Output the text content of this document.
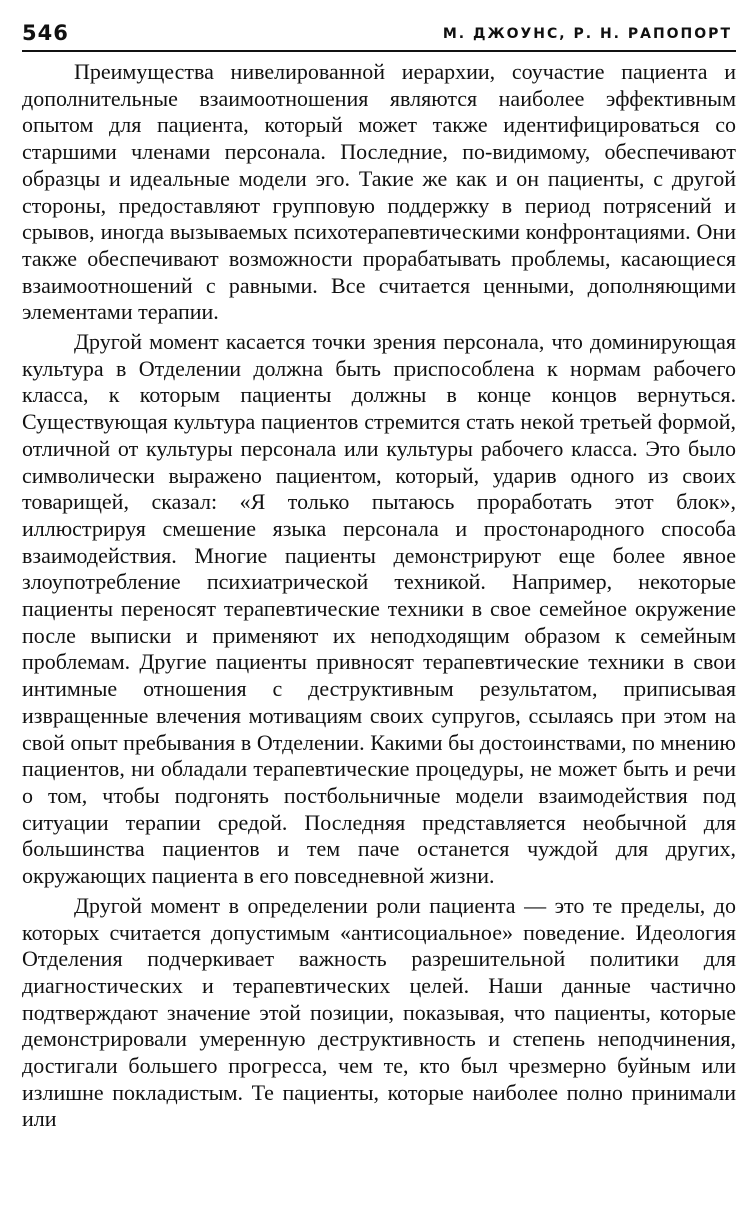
546	М. ДЖОУНС, Р. Н. РАПОПОРТ

Преимущества нивелированной иерархии, соучастие пациента и дополнительные взаимоотношения являются наиболее эффективным опытом для пациента, который может также идентифицироваться со старшими членами персонала. Последние, по-видимому, обеспечивают образцы и идеальные модели эго. Такие же как и он пациенты, с другой стороны, предоставляют групповую поддержку в период потрясений и срывов, иногда вызываемых психотерапевтическими конфронтациями. Они также обеспечивают возможности прорабатывать проблемы, касающиеся взаимоотношений с равными. Все считается ценными, дополняющими элементами терапии.

Другой момент касается точки зрения персонала, что доминирующая культура в Отделении должна быть приспособлена к нормам рабочего класса, к которым пациенты должны в конце концов вернуться. Существующая культура пациентов стремится стать некой третьей формой, отличной от культуры персонала или культуры рабочего класса. Это было символически выражено пациентом, который, ударив одного из своих товарищей, сказал: «Я только пытаюсь проработать этот блок», иллюстрируя смешение языка персонала и простонародного способа взаимодействия. Многие пациенты демонстрируют еще более явное злоупотребление психиатрической техникой. Например, некоторые пациенты переносят терапевтические техники в свое семейное окружение после выписки и применяют их неподходящим образом к семейным проблемам. Другие пациенты привносят терапевтические техники в свои интимные отношения с деструктивным результатом, приписывая извращенные влечения мотивациям своих супругов, ссылаясь при этом на свой опыт пребывания в Отделении. Какими бы достоинствами, по мнению пациентов, ни обладали терапевтические процедуры, не может быть и речи о том, чтобы подгонять постбольничные модели взаимодействия под ситуации терапии средой. Последняя представляется необычной для большинства пациентов и тем паче останется чуждой для других, окружающих пациента в его повседневной жизни.

Другой момент в определении роли пациента — это те пределы, до которых считается допустимым «антисоциальное» поведение. Идеология Отделения подчеркивает важность разрешительной политики для диагностических и терапевтических целей. Наши данные частично подтверждают значение этой позиции, показывая, что пациенты, которые демонстрировали умеренную деструктивность и степень неподчинения, достигали большего прогресса, чем те, кто был чрезмерно буйным или излишне покладистым. Те пациенты, которые наиболее полно принимали или
